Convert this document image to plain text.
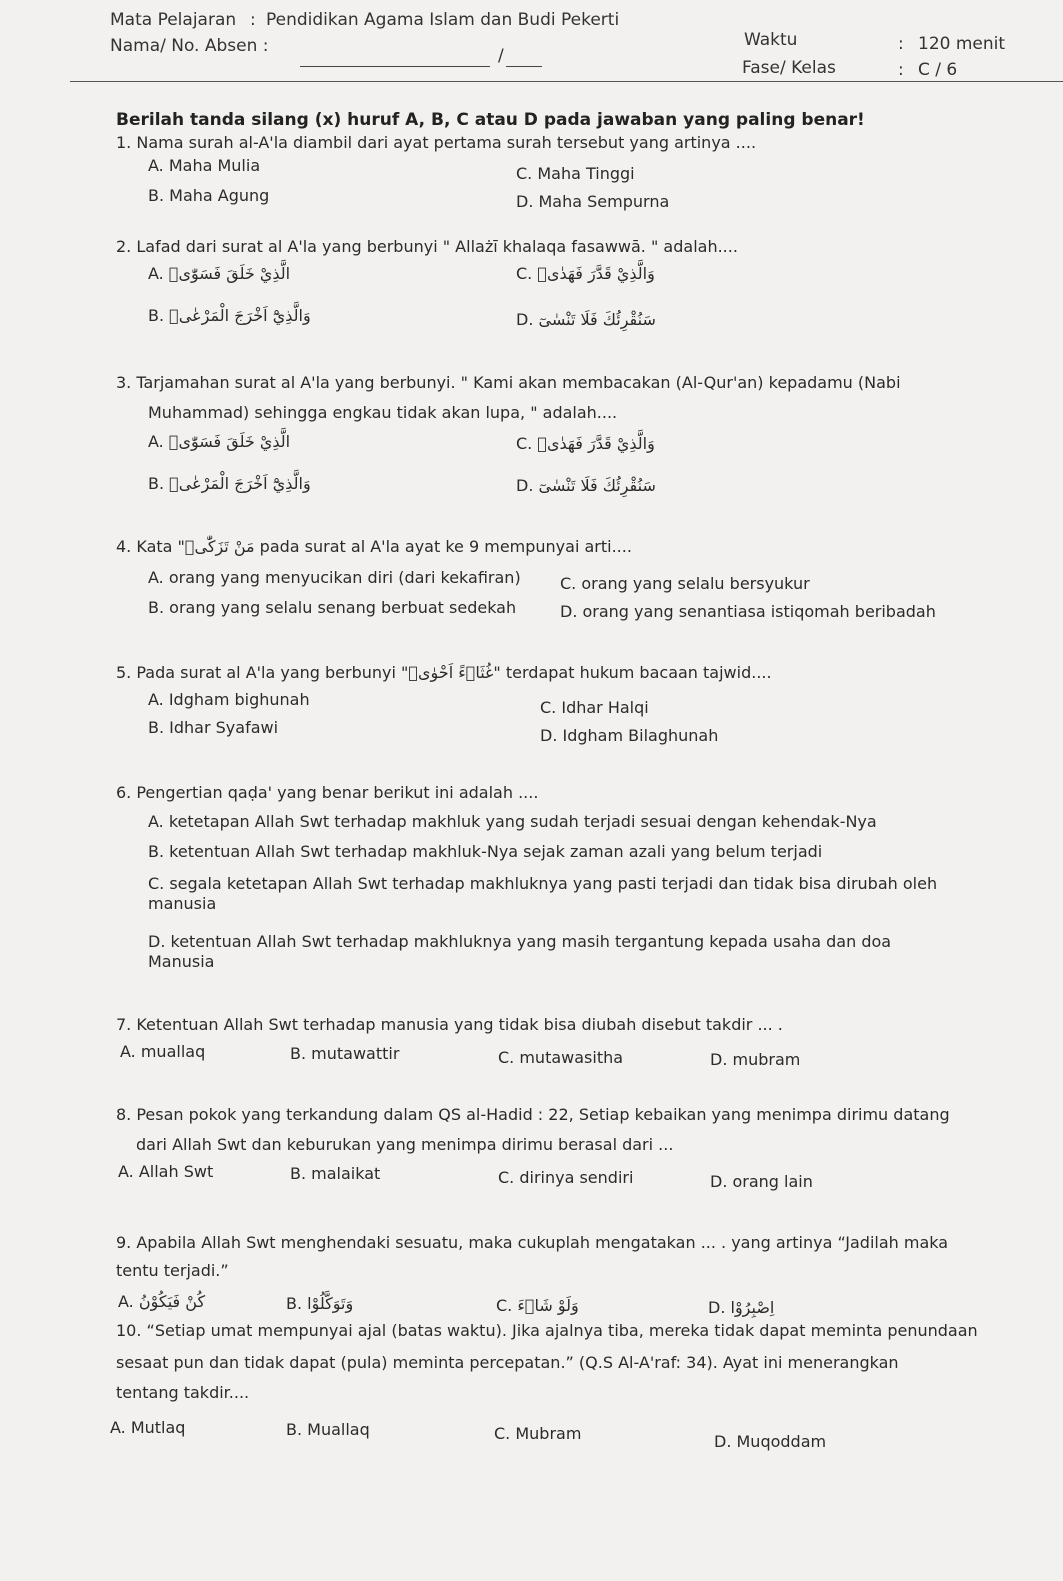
Mata Pelajaran : Pendidikan Agama Islam dan Budi Pekerti
Nama/ No. Absen :	/
Waktu	: 120 menit
Fase/ Kelas	: C / 6
Berilah tanda silang (x) huruf A, B, C atau D pada jawaban yang paling benar!
1. Nama surah al-A'la diambil dari ayat pertama surah tersebut yang artinya ....
A. Maha Mulia	C. Maha Tinggi
B. Maha Agung	D. Maha Sempurna
2. Lafad dari surat al A'la yang berbunyi " Allażī khalaqa fasawwā. " adalah....
A. الَّذِيْ خَلَقَ فَسَوّٰىۖ	C. وَالَّذِيْ قَدَّرَ فَهَدٰىۖ
B. وَالَّذِيْٓ اَخْرَجَ الْمَرْعٰىۖ	D. سَنُقْرِئُكَ فَلَا تَنْسٰىٓ
3. Tarjamahan surat al A'la yang berbunyi. " Kami akan membacakan (Al-Qur'an) kepadamu (Nabi
Muhammad) sehingga engkau tidak akan lupa, " adalah....
A. الَّذِيْ خَلَقَ فَسَوّٰىۖ	C. وَالَّذِيْ قَدَّرَ فَهَدٰىۖ
B. وَالَّذِيْٓ اَخْرَجَ الْمَرْعٰىۖ	D. سَنُقْرِئُكَ فَلَا تَنْسٰىٓ
4. Kata "مَنْ تَزَكّٰىۙ pada surat al A'la ayat ke 9 mempunyai arti....
A. orang yang menyucikan diri (dari kekafiran) C. orang yang selalu bersyukur
B. orang yang selalu senang berbuat sedekah	D. orang yang senantiasa istiqomah beribadah
5. Pada surat al A'la yang berbunyi "غُثَاۤءً اَحْوٰىۗ" terdapat hukum bacaan tajwid....
A. Idgham bighunah	C. Idhar Halqi
B. Idhar Syafawi	D. Idgham Bilaghunah
6. Pengertian qaḍa' yang benar berikut ini adalah ....
A. ketetapan Allah Swt terhadap makhluk yang sudah terjadi sesuai dengan kehendak-Nya
B. ketentuan Allah Swt terhadap makhluk-Nya sejak zaman azali yang belum terjadi
C. segala ketetapan Allah Swt terhadap makhluknya yang pasti terjadi dan tidak bisa dirubah oleh
manusia
D. ketentuan Allah Swt terhadap makhluknya yang masih tergantung kepada usaha dan doa
Manusia
7. Ketentuan Allah Swt terhadap manusia yang tidak bisa diubah disebut takdir ... .
A. muallaq	B. mutawattir	C. mutawasitha	D. mubram
8. Pesan pokok yang terkandung dalam QS al-Hadid : 22, Setiap kebaikan yang menimpa dirimu datang
dari Allah Swt dan keburukan yang menimpa dirimu berasal dari ...
A. Allah Swt	B. malaikat	C. dirinya sendiri	D. orang lain
9. Apabila Allah Swt menghendaki sesuatu, maka cukuplah mengatakan ... . yang artinya “Jadilah maka
tentu terjadi.”
A. كُنْ فَيَكُوْنُ	B. وَتَوَكَّلُوْا	C. وَلَوْ شَاۤءَ	D. اِصْبِرُوْا
10. “Setiap umat mempunyai ajal (batas waktu). Jika ajalnya tiba, mereka tidak dapat meminta penundaan
sesaat pun dan tidak dapat (pula) meminta percepatan.” (Q.S Al-A'raf: 34). Ayat ini menerangkan
tentang takdir....
A. Mutlaq	B. Muallaq	C. Mubram	D. Muqoddam
